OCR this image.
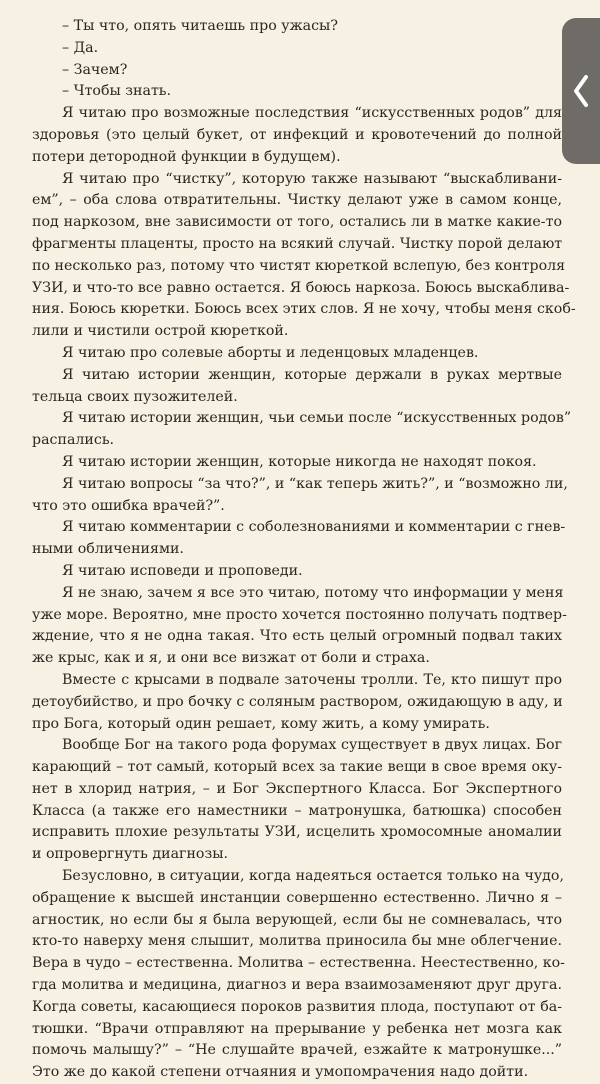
– Ты что, опять читаешь про ужасы?
– Да.
– Зачем?
– Чтобы знать.
Я читаю про возможные последствия “искусственных родов” для
здоровья (это целый букет, от инфекций и кровотечений до полной
потери детородной функции в будущем).
Я читаю про “чистку”, которую также называют “выскабливани-
ем”, – оба слова отвратительны. Чистку делают уже в самом конце,
под наркозом, вне зависимости от того, остались ли в матке какие-то
фрагменты плаценты, просто на всякий случай. Чистку порой делают
по несколько раз, потому что чистят кюреткой вслепую, без контроля
УЗИ, и что-то все равно остается. Я боюсь наркоза. Боюсь выскаблива-
ния. Боюсь кюретки. Боюсь всех этих слов. Я не хочу, чтобы меня скоб-
лили и чистили острой кюреткой.
Я читаю про солевые аборты и леденцовых младенцев.
Я читаю истории женщин, которые держали в руках мертвые
тельца своих пузожителей.
Я читаю истории женщин, чьи семьи после “искусственных родов”
распались.
Я читаю истории женщин, которые никогда не находят покоя.
Я читаю вопросы “за что?”, и “как теперь жить?”, и “возможно ли,
что это ошибка врачей?”.
Я читаю комментарии с соболезнованиями и комментарии с гнев-
ными обличениями.
Я читаю исповеди и проповеди.
Я не знаю, зачем я все это читаю, потому что информации у меня
уже море. Вероятно, мне просто хочется постоянно получать подтвер-
ждение, что я не одна такая. Что есть целый огромный подвал таких
же крыс, как и я, и они все визжат от боли и страха.
Вместе с крысами в подвале заточены тролли. Те, кто пишут про
детоубийство, и про бочку с соляным раствором, ожидающую в аду, и
про Бога, который один решает, кому жить, а кому умирать.
Вообще Бог на такого рода форумах существует в двух лицах. Бог
карающий – тот самый, который всех за такие вещи в свое время оку-
нет в хлорид натрия, – и Бог Экспертного Класса. Бог Экспертного
Класса (а также его наместники – матронушка, батюшка) способен
исправить плохие результаты УЗИ, исцелить хромосомные аномалии
и опровергнуть диагнозы.
Безусловно, в ситуации, когда надеяться остается только на чудо,
обращение к высшей инстанции совершенно естественно. Лично я –
агностик, но если бы я была верующей, если бы не сомневалась, что
кто-то наверху меня слышит, молитва приносила бы мне облегчение.
Вера в чудо – естественна. Молитва – естественна. Неестественно, ко-
гда молитва и медицина, диагноз и вера взаимозаменяют друг друга.
Когда советы, касающиеся пороков развития плода, поступают от ба-
тюшки. “Врачи отправляют на прерывание у ребенка нет мозга как
помочь малышу?” – “Не слушайте врачей, езжайте к матронушке...”
Это же до какой степени отчаяния и умопомрачения надо дойти.
